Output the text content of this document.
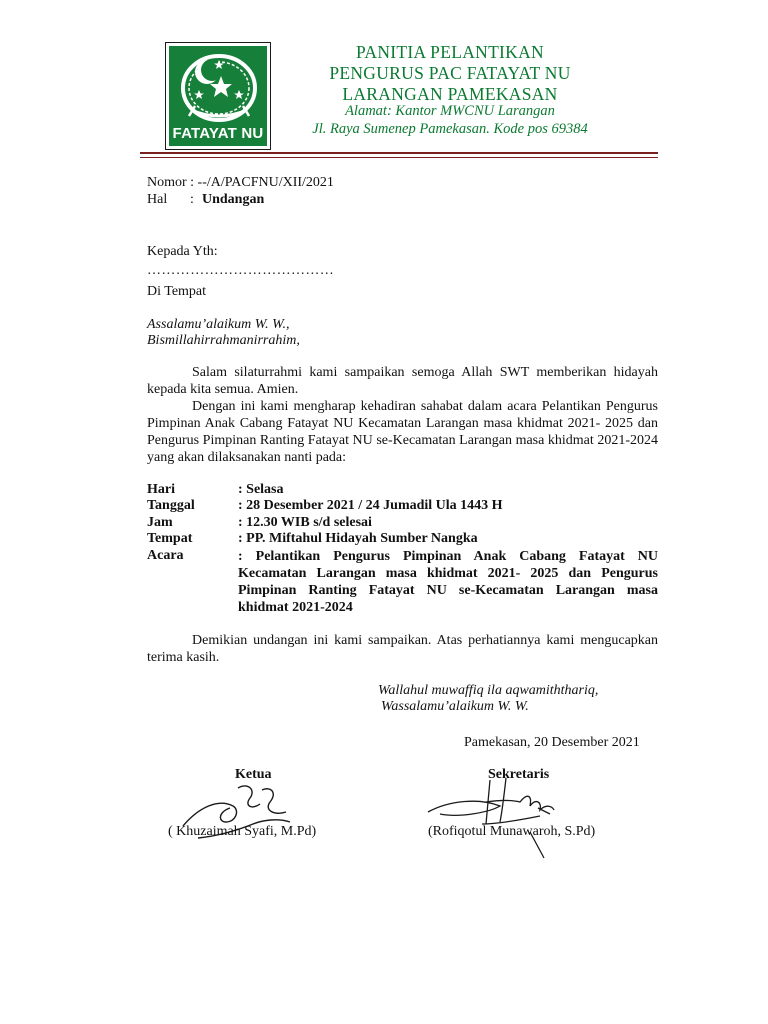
FATAYAT NU
PANITIA PELANTIKAN
PENGURUS PAC FATAYAT NU
LARANGAN PAMEKASAN
Alamat: Kantor MWCNU Larangan
Jl. Raya Sumenep Pamekasan. Kode pos 69384
Nomor : --/A/PACFNU/XII/2021
Hal : Undangan
Kepada Yth:
…………………………………
Di Tempat
Assalamu’alaikum W. W.,
Bismillahirrahmanirrahim,
Salam silaturrahmi kami sampaikan semoga Allah SWT memberikan hidayah kepada kita semua. Amien.
Dengan ini kami mengharap kehadiran sahabat dalam acara Pelantikan Pengurus Pimpinan Anak Cabang Fatayat NU Kecamatan Larangan masa khidmat 2021- 2025 dan Pengurus Pimpinan Ranting Fatayat NU se-Kecamatan Larangan masa khidmat 2021-2024 yang akan dilaksanakan nanti pada:
Hari	: Selasa
Tanggal	: 28 Desember 2021 / 24 Jumadil Ula 1443 H
Jam	: 12.30 WIB s/d selesai
Tempat	: PP. Miftahul Hidayah Sumber Nangka
Acara	: Pelantikan Pengurus Pimpinan Anak Cabang Fatayat NU Kecamatan Larangan masa khidmat 2021- 2025 dan Pengurus Pimpinan Ranting Fatayat NU se-Kecamatan Larangan masa khidmat 2021-2024
Demikian undangan ini kami sampaikan. Atas perhatiannya kami mengucapkan terima kasih.
Wallahul muwaffiq ila aqwamiththariq,
Wassalamu’alaikum W. W.
Pamekasan, 20 Desember 2021
Ketua	Sekretaris
( Khuzaimah Syafi, M.Pd)	(Rofiqotul Munawaroh, S.Pd)
